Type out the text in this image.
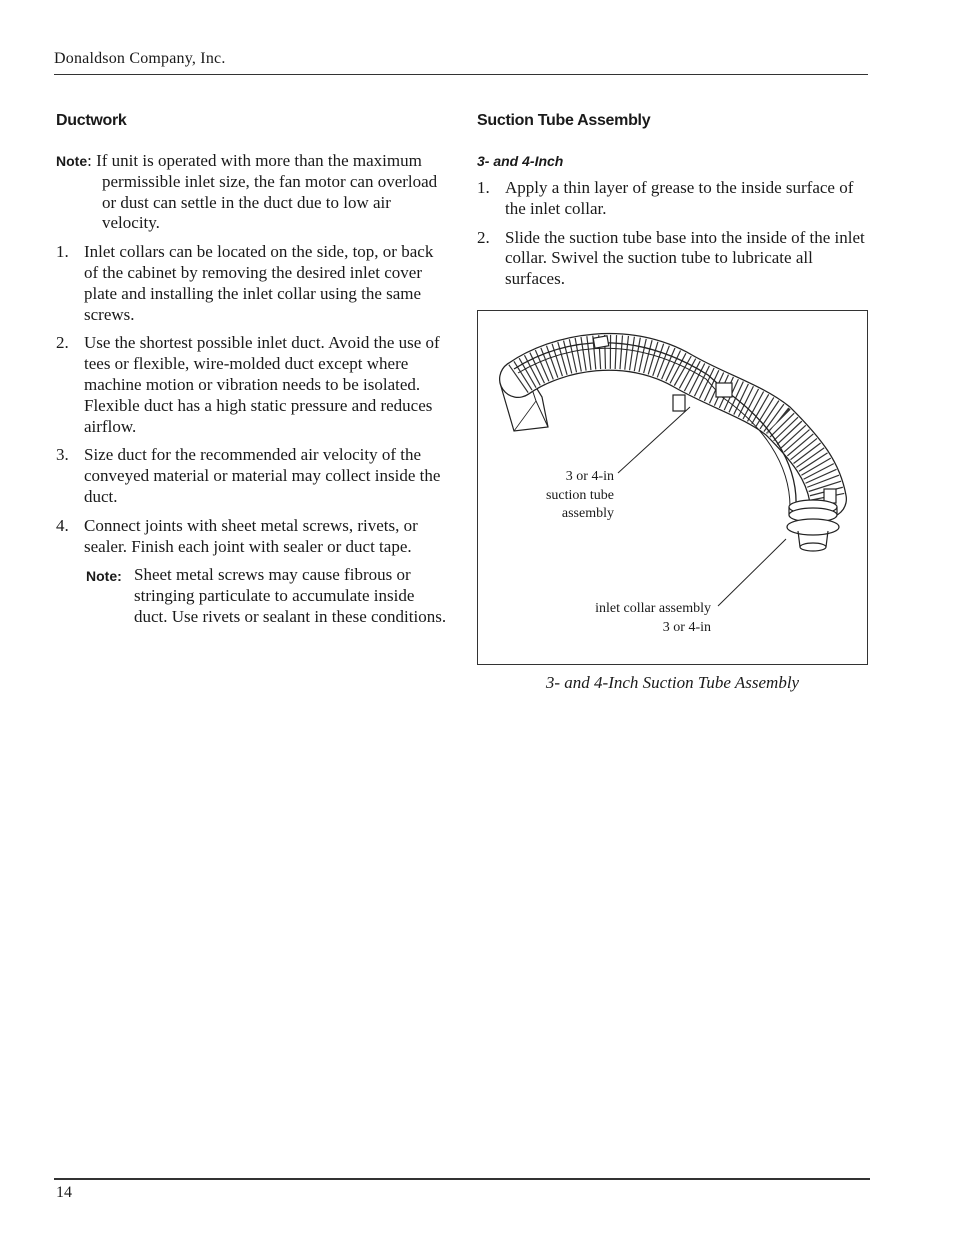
Donaldson Company, Inc.
Ductwork
Note: If unit is operated with more than the maximum permissible inlet size, the fan motor can overload or dust can settle in the duct due to low air velocity.
1. Inlet collars can be located on the side, top, or back of the cabinet by removing the desired inlet cover plate and installing the inlet collar using the same screws.
2. Use the shortest possible inlet duct. Avoid the use of tees or flexible, wire-molded duct except where machine motion or vibration needs to be isolated. Flexible duct has a high static pressure and reduces airflow.
3. Size duct for the recommended air velocity of the conveyed material or material may collect inside the duct.
4. Connect joints with sheet metal screws, rivets, or sealer. Finish each joint with sealer or duct tape.
Note: Sheet metal screws may cause fibrous or stringing particulate to accumulate inside duct. Use rivets or sealant in these conditions.
Suction Tube Assembly
3- and 4-Inch
1. Apply a thin layer of grease to the inside surface of the inlet collar.
2. Slide the suction tube base into the inside of the inlet collar. Swivel the suction tube to lubricate all surfaces.
3 or 4-in
suction tube
assembly
inlet collar assembly
3 or 4-in
3- and 4-Inch Suction Tube Assembly
14
